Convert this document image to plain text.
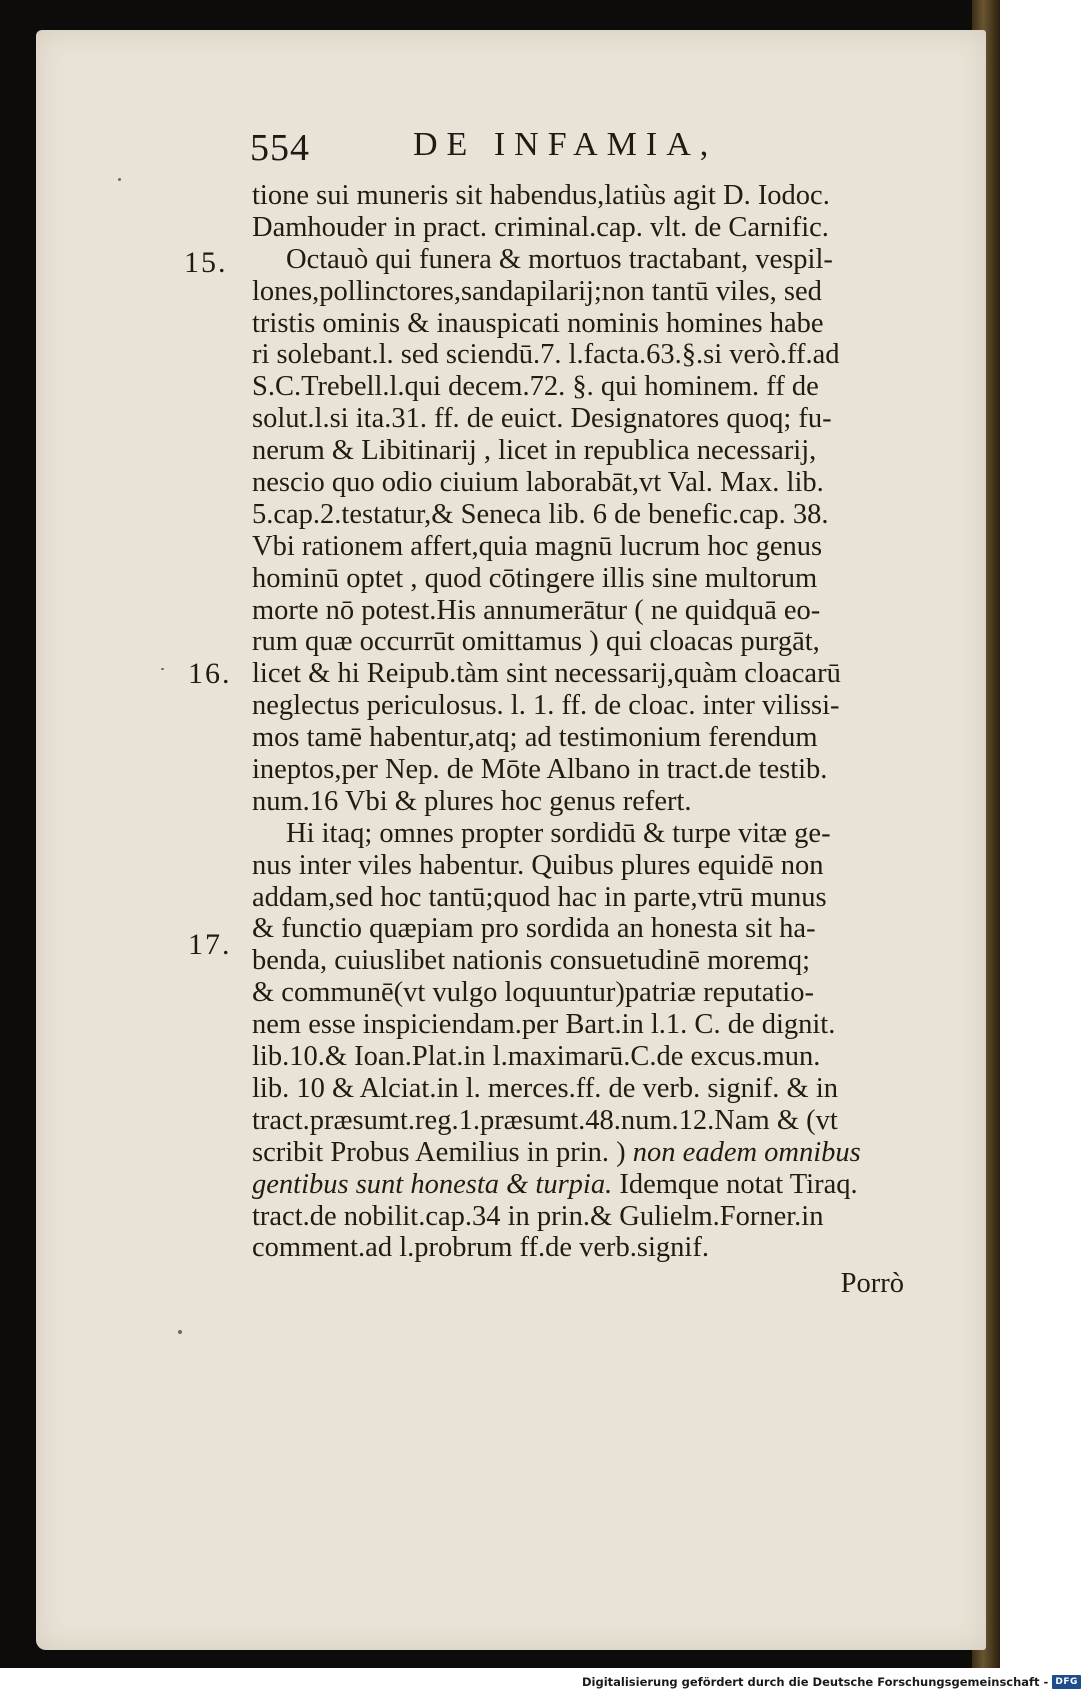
554	DE INFAMIA,
15.
16.
17.
tione sui muneris sit habendus,latiùs agit D. Iodoc.
Damhouder in pract. criminal.cap. vlt. de Carnific.
Octauò qui funera & mortuos tractabant, vespil-
lones,pollinctores,sandapilarij;non tantū viles, sed
tristis ominis & inauspicati nominis homines habe
ri solebant.l. sed sciendū.7. l.facta.63.§.si verò.ff.ad
S.C.Trebell.l.qui decem.72. §. qui hominem. ff de
solut.l.si ita.31. ff. de euict. Designatores quoq; fu-
nerum & Libitinarij , licet in republica necessarij,
nescio quo odio ciuium laborabāt,vt Val. Max. lib.
5.cap.2.testatur,& Seneca lib. 6 de benefic.cap. 38.
Vbi rationem affert,quia magnū lucrum hoc genus
hominū optet , quod cōtingere illis sine multorum
morte nō potest.His annumerātur ( ne quidquā eo-
rum quæ occurrūt omittamus ) qui cloacas purgāt,
licet & hi Reipub.tàm sint necessarij,quàm cloacarū
neglectus periculosus. l. 1. ff. de cloac. inter vilissi-
mos tamē habentur,atq; ad testimonium ferendum
ineptos,per Nep. de Mōte Albano in tract.de testib.
num.16 Vbi & plures hoc genus refert.
Hi itaq; omnes propter sordidū & turpe vitæ ge-
nus inter viles habentur. Quibus plures equidē non
addam,sed hoc tantū;quod hac in parte,vtrū munus
& functio quæpiam pro sordida an honesta sit ha-
benda, cuiuslibet nationis consuetudinē moremq;
& communē(vt vulgo loquuntur)patriæ reputatio-
nem esse inspiciendam.per Bart.in l.1. C. de dignit.
lib.10.& Ioan.Plat.in l.maximarū.C.de excus.mun.
lib. 10 & Alciat.in l. merces.ff. de verb. signif. & in
tract.præsumt.reg.1.præsumt.48.num.12.Nam & (vt
scribit Probus Aemilius in prin. ) non eadem omnibus
gentibus sunt honesta & turpia. Idemque notat Tiraq.
tract.de nobilit.cap.34 in prin.& Gulielm.Forner.in
comment.ad l.probrum ff.de verb.signif.
Porrò
Digitalisierung gefördert durch die Deutsche Forschungsgemeinschaft - DFG
